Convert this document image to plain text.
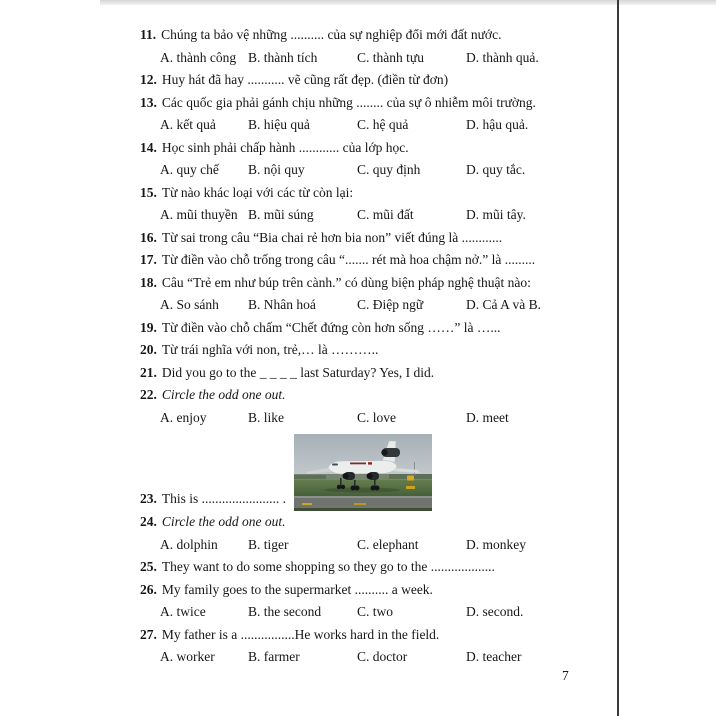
11. Chúng ta bảo vệ những .......... của sự nghiệp đổi mới đất nước.
A. thành công B. thành tích	C. thành tựu	D. thành quả.
12. Huy hát đã hay ........... vẽ cũng rất đẹp. (điền từ đơn)
13. Các quốc gia phải gánh chịu những ........ của sự ô nhiễm môi trường.
A. kết quả	B. hiệu quả	C. hệ quả	D. hậu quả.
14. Học sinh phải chấp hành ............ của lớp học.
A. quy chế	B. nội quy	C. quy định	D. quy tắc.
15. Từ nào khác loại với các từ còn lại:
A. mũi thuyền B. mũi súng	C. mũi đất	D. mũi tây.
16. Từ sai trong câu “Bia chai rẻ hơn bia non” viết đúng là ............
17. Từ điền vào chỗ trống trong câu “....... rét mà hoa chậm nở.” là .........
18. Câu “Trẻ em như búp trên cành.” có dùng biện pháp nghệ thuật nào:
A. So sánh	B. Nhân hoá	C. Điệp ngữ	D. Cả A và B.
19. Từ điền vào chỗ chấm “Chết đứng còn hơn sống ……” là …...
20. Từ trái nghĩa với non, trẻ,… là ………..
21. Did you go to the _ _ _ _ last Saturday? Yes, I did.
22. Circle the odd one out.
A. enjoy	B. like	C. love	D. meet
23. This is ....................... .
24. Circle the odd one out.
A. dolphin	B. tiger	C. elephant	D. monkey
25. They want to do some shopping so they go to the ...................
26. My family goes to the supermarket .......... a week.
A. twice	B. the second	C. two	D. second.
27. My father is a ................He works hard in the field.
A. worker	B. farmer	C. doctor	D. teacher
7
